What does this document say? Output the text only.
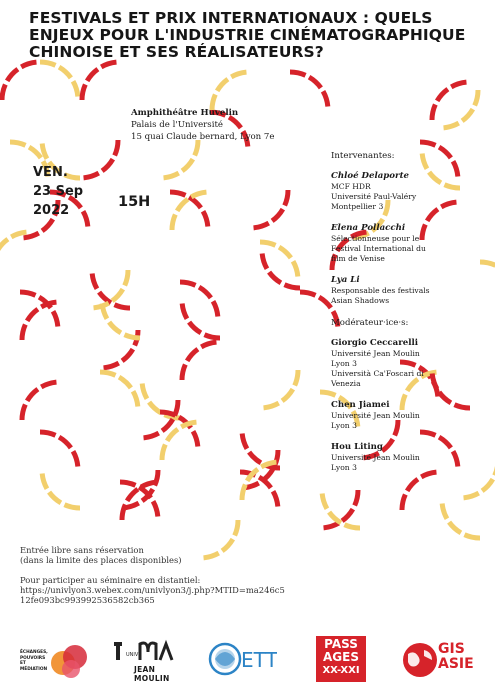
FESTIVALS ET PRIX INTERNATIONAUX : QUELS
ENJEUX POUR L'INDUSTRIE CINÉMATOGRAPHIQUE
CHINOISE ET SES RÉALISATEURS?
Amphithéâtre Huvelin
Palais de l'Université
15 quai Claude bernard, Lyon 7e
VEN.
23 Sep
2022
15H
Intervenantes:
Chloé Delaporte
MCF HDR
Université Paul-Valéry
Montpellier 3
Elena Pollacchi
Sélectionneuse pour le
Festival International du
film de Venise
Lya Li
Responsable des festivals
Asian Shadows
Modérateur·ice·s:
Giorgio Ceccarelli
Université Jean Moulin
Lyon 3
Università Ca'Foscari di
Venezia
Chen Jiamei
Université Jean Moulin
Lyon 3
Hou Liting
Université Jean Moulin
Lyon 3
Entrée libre sans réservation
(dans la limite des places disponibles)
Pour participer au séminaire en distantiel:
https://univlyon3.webex.com/univlyon3/j.php?MTID=ma246c5
12fe093bc993992536582cb365
ÉCHANGES, POUVOIRS ET MÉDIATION
UNIV
JEAN MOULIN
ETT
PASS
AGES
XX-XXI
GIS
ASIE
